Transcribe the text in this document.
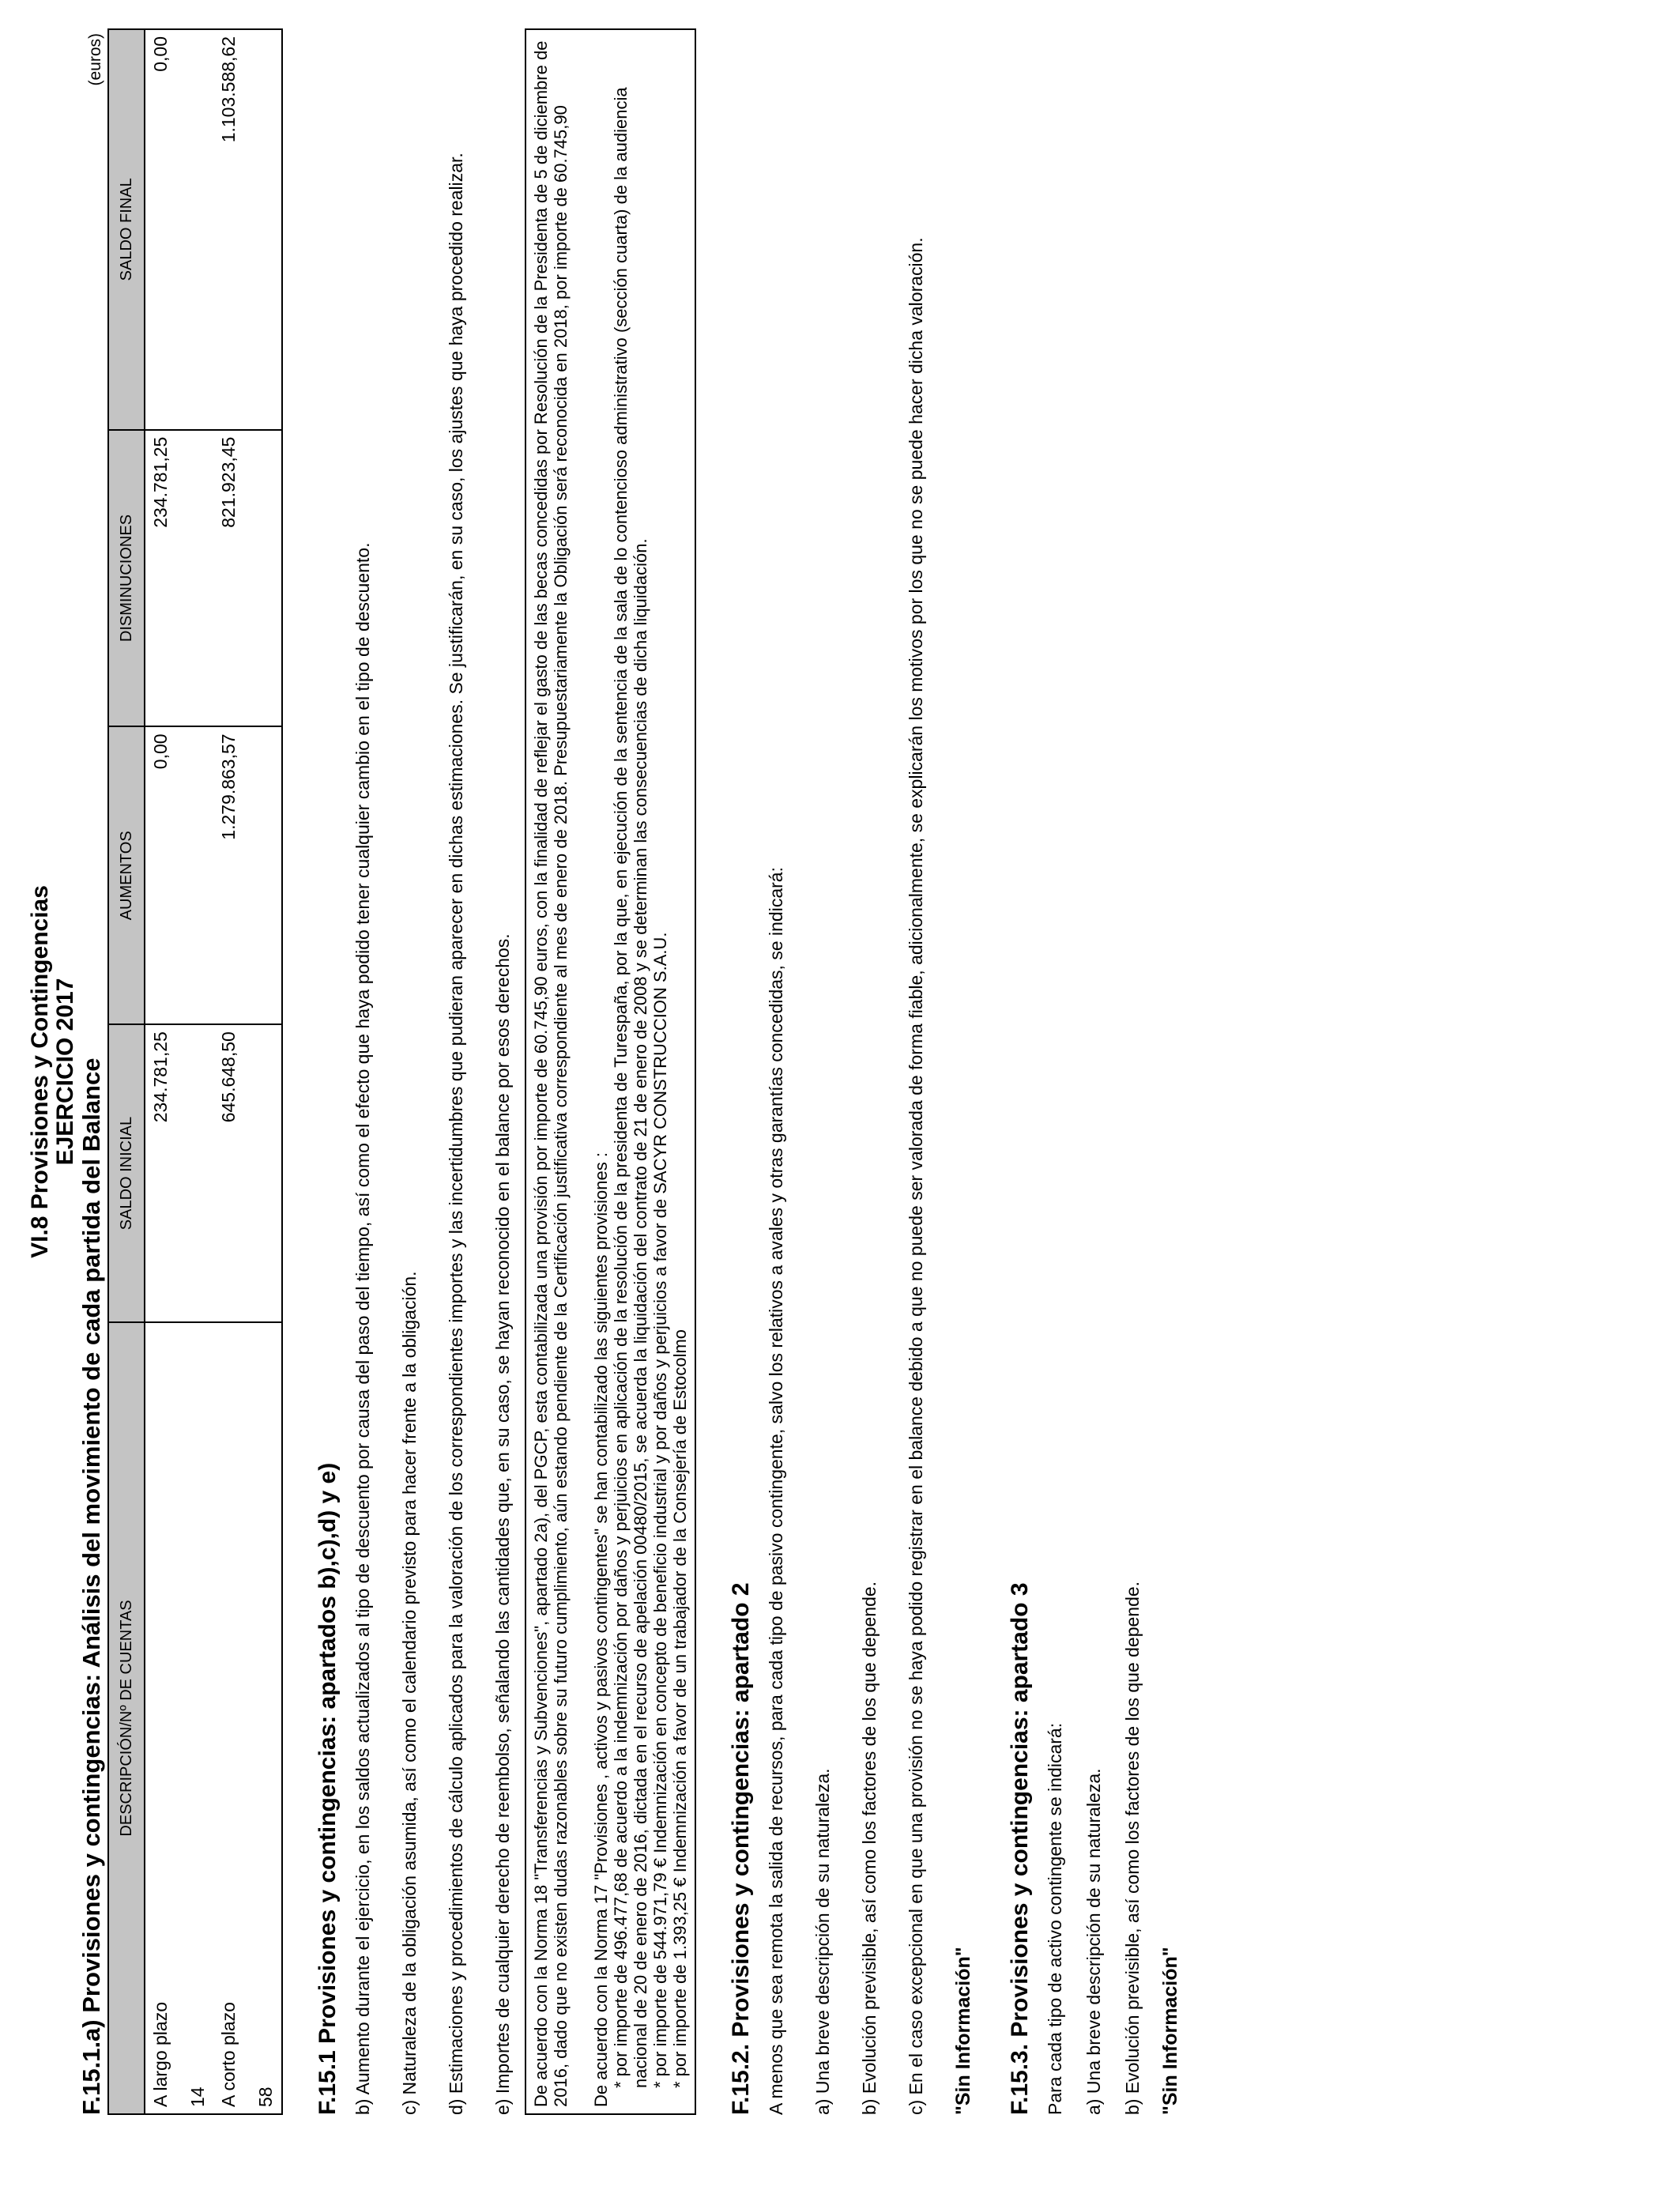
VI.8 Provisiones y Contingencias EJERCICIO 2017 F.15.1.a) Provisiones y contingencias: Análisis del movimiento de cada partida del Balance

(euros)
DESCRIPCIÓN/Nº DE CUENTAS	SALDO INICIAL	AUMENTOS	DISMINUCIONES	SALDO FINAL

A largo plazo 14	234.781,25	0,00	234.781,25	0,00

A corto plazo 58	645.648,50	1.279.863,57	821.923,45	1.103.588,62

F.15.1 Provisiones y contingencias: apartados b),c),d) y e) b) Aumento durante el ejercicio, en los saldos actualizados al tipo de descuento por causa del paso del tiempo, así como el efecto que haya podido tener cualquier cambio en el tipo de descuento. c) Naturaleza de la obligación asumida, así como el calendario previsto para hacer frente a la obligación. d) Estimaciones y procedimientos de cálculo aplicados para la valoración de los correspondientes importes y las incertidumbres que pudieran aparecer en dichas estimaciones. Se justificarán, en su caso, los ajustes que haya procedido realizar. e) Importes de cualquier derecho de reembolso, señalando las cantidades que, en su caso, se hayan reconocido en el balance por esos derechos. De acuerdo con la Norma 18 "Transferencias y Subvenciones", apartado 2a), del PGCP, esta contabilizada una provisión por importe de 60.745,90 euros, con la finalidad de reflejar el gasto de las becas concedidas por Resolución de la Presidenta de 5 de diciembre de 2016, dado que no existen dudas razonables sobre su futuro cumplimiento, aún estando pendiente de la Certificación justificativa correspondiente al mes de enero de 2018. Presupuestariamente la Obligación será reconocida en 2018, por importe de 60.745,90 De acuerdo con la Norma 17 "Provisiones , activos y pasivos contingentes" se han contabilizado las siguientes provisiones : * por importe de 496.477,68 de acuerdo a la indemnización por daños y perjuicios en aplicación de la resolución de la presidenta de Turespaña, por la que, en ejecución de la sentencia de la sala de lo contencioso administrativo (sección cuarta) de la audiencia nacional de 20 de enero de 2016, dictada en el recurso de apelación 00480/2015, se acuerda la liquidación del contrato de 21 de enero de 2008 y se determinan las consecuencias de dicha liquidación. * por importe de 544.971,79 € Indemnización en concepto de beneficio industrial y por daños y perjuicios a favor de SACYR CONSTRUCCION S.A.U. * por importe de 1.393,25 € Indemnización a favor de un trabajador de la Consejería de Estocolmo F.15.2. Provisiones y contingencias: apartado 2 A menos que sea remota la salida de recursos, para cada tipo de pasivo contingente, salvo los relativos a avales y otras garantías concedidas, se indicará: a) Una breve descripción de su naturaleza. b) Evolución previsible, así como los factores de los que depende. c) En el caso excepcional en que una provisión no se haya podido registrar en el balance debido a que no puede ser valorada de forma fiable, adicionalmente, se explicarán los motivos por los que no se puede hacer dicha valoración. "Sin Información" F.15.3. Provisiones y contingencias: apartado 3 Para cada tipo de activo contingente se indicará: a) Una breve descripción de su naturaleza. b) Evolución previsible, así como los factores de los que depende. "Sin Información"
